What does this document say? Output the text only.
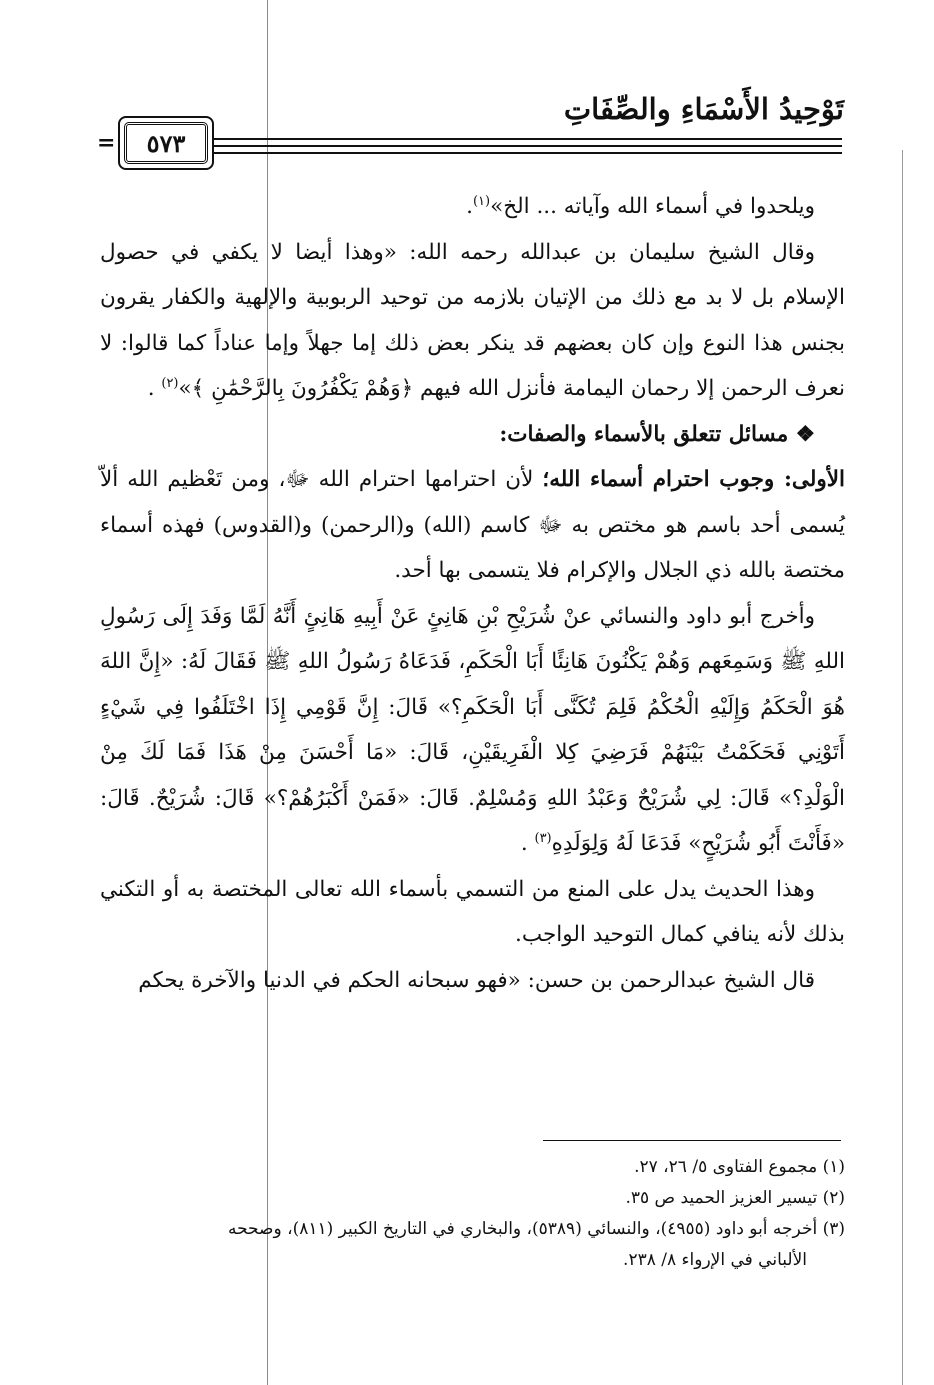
تَوْحِيدُ الأَسْمَاءِ والصِّفَاتِ
٥٧٣
=

ويلحدوا في أسماء الله وآياته ... الخ»$^{(١)}$.

وقال الشيخ سليمان بن عبدالله رحمه الله: «وهذا أيضا لا يكفي في حصول الإسلام بل لا بد مع ذلك من الإتيان بلازمه من توحيد الربوبية والإلهية والكفار يقرون بجنس هذا النوع وإن كان بعضهم قد ينكر بعض ذلك إما جهلاً وإما عناداً كما قالوا: لا نعرف الرحمن إلا رحمان اليمامة فأنزل الله فيهم ﴿وَهُمْ يَكْفُرُونَ بِالرَّحْمَٰنِ ﴾»$^{(٢)}$ .

❖ مسائل تتعلق بالأسماء والصفات:

الأولى: وجوب احترام أسماء الله؛ لأن احترامها احترام الله ﷻ، ومن تَعْظيم الله ألاّ يُسمى أحد باسم هو مختص به ﷻ كاسم (الله) و(الرحمن) و(القدوس) فهذه أسماء مختصة بالله ذي الجلال والإكرام فلا يتسمى بها أحد.

وأخرج أبو داود والنسائي عنْ شُرَيْحِ بْنِ هَانِئٍ عَنْ أَبِيهِ هَانِئٍ أَنَّهُ لَمَّا وَفَدَ إِلَى رَسُولِ اللهِ ﷺ وَسَمِعَهم وَهُمْ يَكْنُونَ هَانِئًا أَبَا الْحَكَمِ، فَدَعَاهُ رَسُولُ اللهِ ﷺ فَقَالَ لَهُ: «إِنَّ اللهَ هُوَ الْحَكَمُ وَإِلَيْهِ الْحُكْمُ فَلِمَ تُكَنَّى أَبَا الْحَكَمِ؟» قَالَ: إِنَّ قَوْمِي إِذَا اخْتَلَفُوا فِي شَيْءٍ أَتَوْنِي فَحَكَمْتُ بَيْنَهُمْ فَرَضِيَ كِلا الْفَرِيقَيْنِ، قَالَ: «مَا أَحْسَنَ مِنْ هَذَا فَمَا لَكَ مِنْ الْوَلْدِ؟» قَالَ: لِي شُرَيْحٌ وَعَبْدُ اللهِ وَمُسْلِمٌ. قَالَ: «فَمَنْ أَكْبَرُهُمْ؟» قَالَ: شُرَيْحٌ. قَالَ: «فَأَنْتَ أَبُو شُرَيْحٍ» فَدَعَا لَهُ وَلِوَلَدِهِ$^{(٣)}$ .

وهذا الحديث يدل على المنع من التسمي بأسماء الله تعالى المختصة به أو التكني بذلك لأنه ينافي كمال التوحيد الواجب.

قال الشيخ عبدالرحمن بن حسن: «فهو سبحانه الحكم في الدنيا والآخرة يحكم

(١) مجموع الفتاوى ٥/ ٢٦، ٢٧.

(٢) تيسير العزيز الحميد ص ٣٥.

(٣) أخرجه أبو داود (٤٩٥٥)، والنسائي (٥٣٨٩)، والبخاري في التاريخ الكبير (٨١١)، وصححه

الألباني في الإرواء ٨/ ٢٣٨.
